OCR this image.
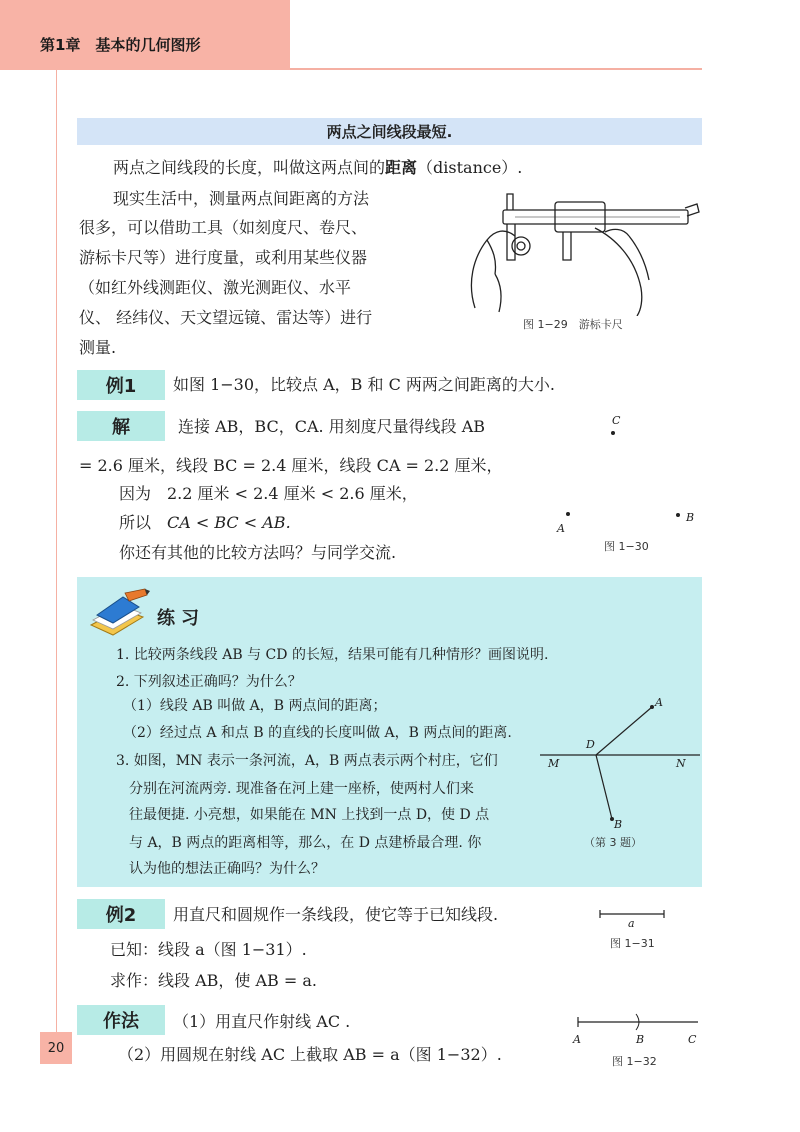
第1章　基本的几何图形
20
两点之间线段最短.
两点之间线段的长度，叫做这两点间的距离（distance）.
现实生活中，测量两点间距离的方法
很多，可以借助工具（如刻度尺、卷尺、
游标卡尺等）进行度量，或利用某些仪器
（如红外线测距仪、激光测距仪、水平
仪、 经纬仪、天文望远镜、雷达等）进行
测量.
图 1−29　游标卡尺
例1	如图 1−30，比较点 A，B 和 C 两两之间距离的大小.
解	连接 AB，BC，CA. 用刻度尺量得线段 AB
= 2.6 厘米，线段 BC = 2.4 厘米，线段 CA = 2.2 厘米，
因为 2.2 厘米 < 2.4 厘米 < 2.6 厘米，
所以 CA < BC < AB.
你还有其他的比较方法吗？与同学交流.
C
A
B
图 1−30
练习
1. 比较两条线段 AB 与 CD 的长短，结果可能有几种情形？画图说明.
2. 下列叙述正确吗？为什么？
（1）线段 AB 叫做 A，B 两点间的距离；
（2）经过点 A 和点 B 的直线的长度叫做 A，B 两点间的距离.
3. 如图，MN 表示一条河流，A，B 两点表示两个村庄，它们
分别在河流两旁. 现准备在河上建一座桥，使两村人们来
往最便捷. 小亮想，如果能在 MN 上找到一点 D，使 D 点
与 A，B 两点的距离相等，那么，在 D 点建桥最合理. 你
认为他的想法正确吗？为什么？
A
D
M	N
B
（第 3 题）
例2	用直尺和圆规作一条线段，使它等于已知线段.
已知：线段 a（图 1−31）.
求作：线段 AB，使 AB = a.
a
图 1−31
作法	（1）用直尺作射线 AC .
（2）用圆规在射线 AC 上截取 AB = a（图 1−32）.
A	B	C
图 1−32
